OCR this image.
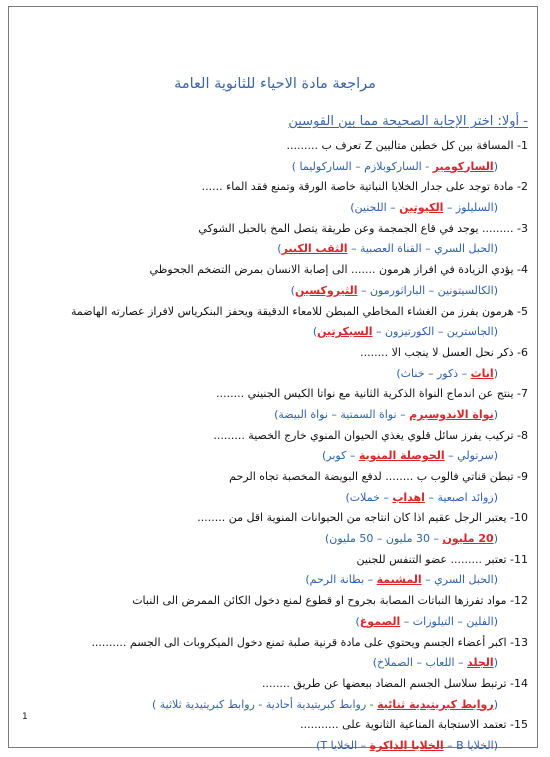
مراجعة مادة الاحياء للثانوية العامة
- أولا: اختر الإجابة الصحيحة مما بين القوسين
1- المسافة بين كل خطين متاليين Z تعرف ب .........
(الساركومير - الساركوبلازم – الساركوليما )
2- مادة توجد على جدار الخلايا النباتية خاصة الورقة وتمنع فقد الماء ......
(السليلوز – الكيوتين – اللجنين)
3- ......... يوجد في قاع الجمجمة وعن طريقة يتصل المخ بالحبل الشوكي
(الحبل السري – القناة العصبية – الثقب الكبير)
4- يؤدي الزيادة في افراز هرمون ....... الى إصابة الانسان بمرض التضخم الجحوظي
(الكالسيتونين – الباراثورمون – الثيروكسين)
5- هرمون يفرز من الغشاء المخاطي المبطن للامعاء الدقيقة ويحفز البنكرياس لافراز عصارته الهاضمة
(الجاسترين – الكورتيزون – السيكرتين)
6- ذكر نحل العسل لا ينجب الا ........
(اناث – ذكور – خناث)
7- ينتج عن اندماج النواة الذكرية الثانية مع نواتا الكيس الجنيني ........
(نواة الاندوسبرم – نواة السمتية – نواة البيضة)
8- تركيب يفرز سائل قلوي يغذي الحيوان المنوي خارج الخصية .........
(سرتولي – الحوصلة المنوية – كوبر)
9- تبطن قناتي فالوب ب ........ لدفع البويضة المخصبة تجاه الرحم
(زوائد اصبعية – اهداب – خملات)
10- يعتبر الرجل عقيم اذا كان انتاجه من الحيوانات المنوية اقل من ........
(20 مليون – 30 مليون – 50 مليون)
11- تعتبر ......... عضو التنفس للجنين
(الحبل السري – المشيمة – بطانة الرحم)
12- مواد تفرزها النباتات المصابة بجروح او قطوع لمنع دخول الكائن الممرض الى النبات
(الفلين – التيلوزات – الصموغ)
13- اكبر أعضاء الجسم ويحتوي على مادة قرنية صلبة تمنع دخول الميكروبات الى الجسم ..........
(الجلد – اللعاب – الصملاخ)
14- ترتبط سلاسل الجسم المضاد ببعضها عن طريق ........
(روابط كبريتيدية ثنائية - روابط كبريتيدية أحادية - روابط كبريتيدية ثلاثية )
15- تعتمد الاستجابة المناعية الثانوية على ...........
(الخلايا B – الخلايا الذاكرة – الخلايا T)
1
